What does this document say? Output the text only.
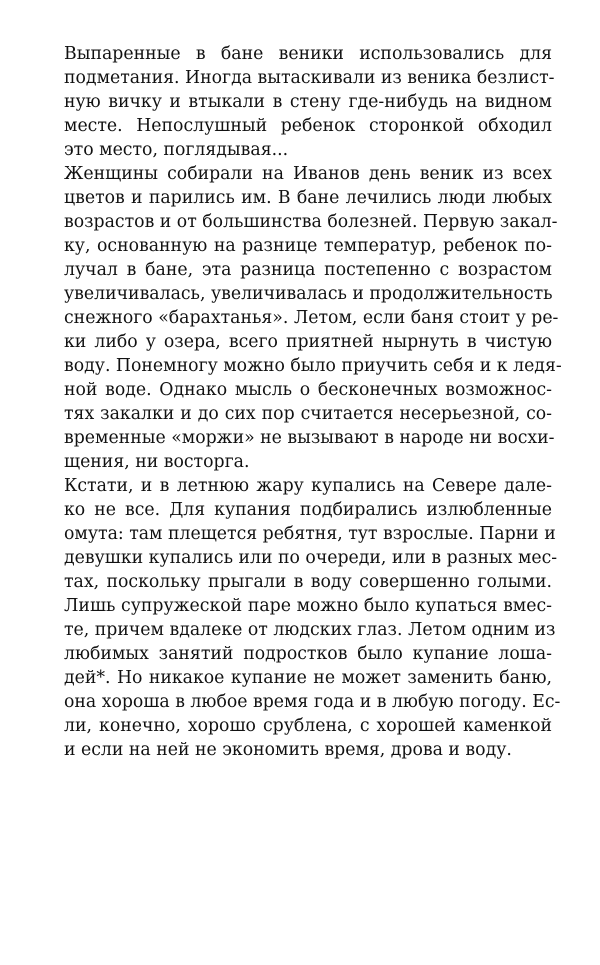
Выпаренные в бане веники использовались для
подметания. Иногда вытаскивали из веника безлист-
ную вичку и втыкали в стену где-нибудь на видном
месте. Непослушный ребенок сторонкой обходил
это место, поглядывая...
Женщины собирали на Иванов день веник из всех
цветов и парились им. В бане лечились люди любых
возрастов и от большинства болезней. Первую закал-
ку, основанную на разнице температур, ребенок по-
лучал в бане, эта разница постепенно с возрастом
увеличивалась, увеличивалась и продолжительность
снежного «барахтанья». Летом, если баня стоит у ре-
ки либо у озера, всего приятней нырнуть в чистую
воду. Понемногу можно было приучить себя и к ледя-
ной воде. Однако мысль о бесконечных возможнос-
тях закалки и до сих пор считается несерьезной, со-
временные «моржи» не вызывают в народе ни восхи-
щения, ни восторга.
Кстати, и в летнюю жару купались на Севере дале-
ко не все. Для купания подбирались излюбленные
омута: там плещется ребятня, тут взрослые. Парни и
девушки купались или по очереди, или в разных мес-
тах, поскольку прыгали в воду совершенно голыми.
Лишь супружеской паре можно было купаться вмес-
те, причем вдалеке от людских глаз. Летом одним из
любимых занятий подростков было купание лоша-
дей*. Но никакое купание не может заменить баню,
она хороша в любое время года и в любую погоду. Ес-
ли, конечно, хорошо срублена, с хорошей каменкой
и если на ней не экономить время, дрова и воду.
